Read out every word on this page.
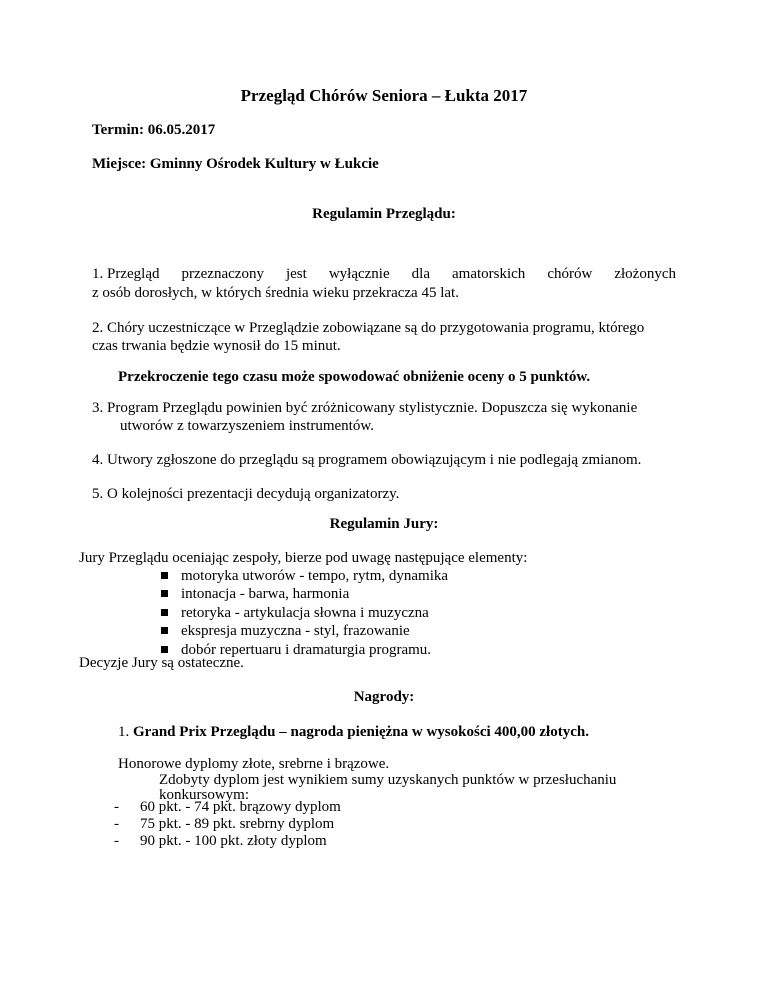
Przegląd Chórów Seniora – Łukta 2017
Termin: 06.05.2017
Miejsce: Gminny Ośrodek Kultury w Łukcie
Regulamin Przeglądu:
1. Przegląd przeznaczony jest wyłącznie dla amatorskich chórów złożonych
z osób dorosłych, w których średnia wieku przekracza 45 lat.
2. Chóry uczestniczące w Przeglądzie zobowiązane są do przygotowania programu, którego
czas trwania będzie wynosił do 15 minut.
Przekroczenie tego czasu może spowodować obniżenie oceny o 5 punktów.
3. Program Przeglądu powinien być zróżnicowany stylistycznie. Dopuszcza się wykonanie
utworów z towarzyszeniem instrumentów.
4. Utwory zgłoszone do przeglądu są programem obowiązującym i nie podlegają zmianom.
5. O kolejności prezentacji decydują organizatorzy.
Regulamin Jury:
Jury Przeglądu oceniając zespoły, bierze pod uwagę następujące elementy:
motoryka utworów - tempo, rytm, dynamika
intonacja - barwa, harmonia
retoryka - artykulacja słowna i muzyczna
ekspresja muzyczna - styl, frazowanie
dobór repertuaru i dramaturgia programu.
Decyzje Jury są ostateczne.
Nagrody:
1. Grand Prix Przeglądu – nagroda pieniężna w wysokości 400,00 złotych.
Honorowe dyplomy złote, srebrne i brązowe.
Zdobyty dyplom jest wynikiem sumy uzyskanych punktów w przesłuchaniu
konkursowym:
- 60 pkt. - 74 pkt. brązowy dyplom
- 75 pkt. - 89 pkt. srebrny dyplom
- 90 pkt. - 100 pkt. złoty dyplom
